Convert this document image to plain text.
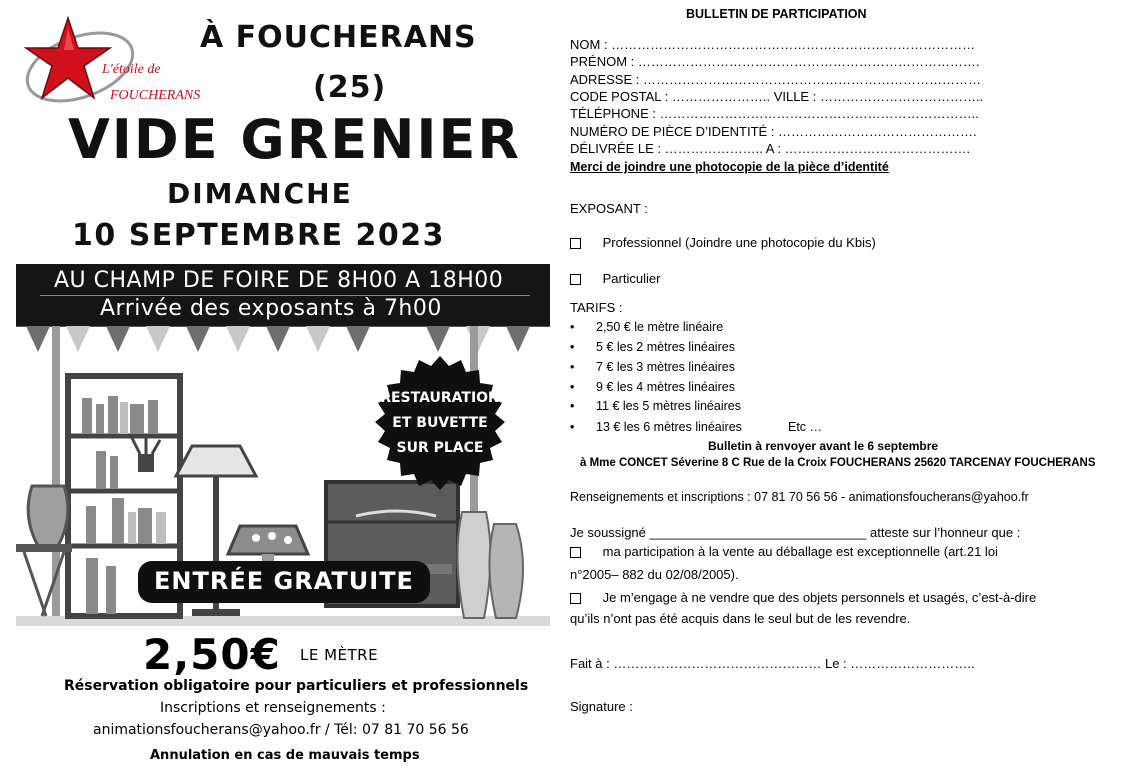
L'étoile de
FOUCHERANS
À FOUCHERANS
(25)
VIDE GRENIER
DIMANCHE
10 SEPTEMBRE 2023
AU CHAMP DE FOIRE DE 8H00 A 18H00
Arrivée des exposants à 7h00
RESTAURATION
ET BUVETTE
SUR PLACE
ENTRÉE GRATUITE
2,50€ LE MÈTRE
Réservation obligatoire pour particuliers et professionnels
Inscriptions et renseignements :
animationsfoucherans@yahoo.fr / Tél: 07 81 70 56 56
Annulation en cas de mauvais temps
BULLETIN DE PARTICIPATION
NOM : …………………………………………………………………………
PRÉNOM : …………………………………………………………………….
ADRESSE : ……………………………………………………………………
CODE POSTAL : ………………….. VILLE : ………………………………..
TÉLÉPHONE : ………………………………………………………………..
NUMÉRO DE PIÈCE D’IDENTITÉ : ……………………………………….
DÉLIVRÉE LE : ………………….. A : …………………………………….
Merci de joindre une photocopie de la pièce d’identité
EXPOSANT :
Professionnel (Joindre une photocopie du Kbis)
Particulier
TARIFS :
• 2,50 € le mètre linéaire
• 5 € les 2 mètres linéaires
• 7 € les 3 mètres linéaires
• 9 € les 4 mètres linéaires
• 11 € les 5 mètres linéaires
• 13 € les 6 mètres linéaires	Etc …
Bulletin à renvoyer avant le 6 septembre
à Mme CONCET Séverine 8 C Rue de la Croix FOUCHERANS 25620 TARCENAY FOUCHERANS
Renseignements et inscriptions : 07 81 70 56 56 - animationsfoucherans@yahoo.fr
Je soussigné ______________________________ atteste sur l’honneur que :
ma participation à la vente au déballage est exceptionnelle (art.21 loi
n°2005– 882 du 02/08/2005).
Je m’engage à ne vendre que des objets personnels et usagés, c’est-à-dire
qu’ils n’ont pas été acquis dans le seul but de les revendre.
Fait à : ………………………………………… Le : ………………………..
Signature :
